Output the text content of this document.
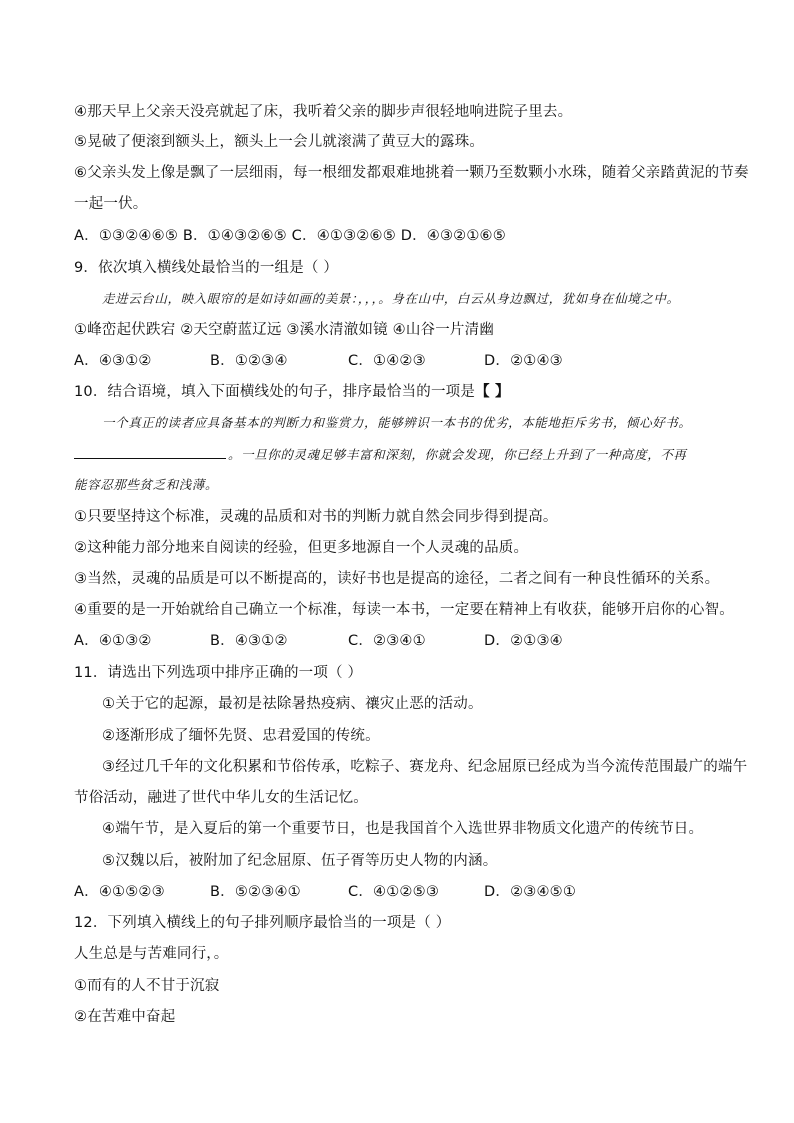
④那天早上父亲天没亮就起了床，我听着父亲的脚步声很轻地响进院子里去。
⑤晃破了便滚到额头上，额头上一会儿就滚满了黄豆大的露珠。
⑥父亲头发上像是飘了一层细雨，每一根细发都艰难地挑着一颗乃至数颗小水珠，随着父亲踏黄泥的节奏
一起一伏。
A．①③②④⑥⑤ B．①④③②⑥⑤ C．④①③②⑥⑤ D．④③②①⑥⑤
9．依次填入横线处最恰当的一组是（ ）
走进云台山，映入眼帘的是如诗如画的美景：，，，。身在山中，白云从身边飘过，犹如身在仙境之中。
①峰峦起伏跌宕 ②天空蔚蓝辽远 ③溪水清澈如镜 ④山谷一片清幽
A．④③①②	B．①②③④	C．①④②③	D．②①④③
10．结合语境，填入下面横线处的句子，排序最恰当的一项是【 】
一个真正的读者应具备基本的判断力和鉴赏力，能够辨识一本书的优劣，本能地拒斥劣书，倾心好书。
。一旦你的灵魂足够丰富和深刻，你就会发现，你已经上升到了一种高度，不再
能容忍那些贫乏和浅薄。
①只要坚持这个标准，灵魂的品质和对书的判断力就自然会同步得到提高。
②这种能力部分地来自阅读的经验，但更多地源自一个人灵魂的品质。
③当然，灵魂的品质是可以不断提高的，读好书也是提高的途径，二者之间有一种良性循环的关系。
④重要的是一开始就给自己确立一个标准，每读一本书，一定要在精神上有收获，能够开启你的心智。
A．④①③②	B．④③①②	C．②③④①	D．②①③④
11．请选出下列选项中排序正确的一项（ ）
①关于它的起源，最初是祛除暑热疫病、禳灾止恶的活动。
②逐渐形成了缅怀先贤、忠君爱国的传统。
③经过几千年的文化积累和节俗传承，吃粽子、赛龙舟、纪念屈原已经成为当今流传范围最广的端午
节俗活动，融进了世代中华儿女的生活记忆。
④端午节，是入夏后的第一个重要节日，也是我国首个入选世界非物质文化遗产的传统节日。
⑤汉魏以后，被附加了纪念屈原、伍子胥等历史人物的内涵。
A．④①⑤②③	B．⑤②③④①	C．④①②⑤③	D．②③④⑤①
12．下列填入横线上的句子排列顺序最恰当的一项是（ ）
人生总是与苦难同行，。
①而有的人不甘于沉寂
②在苦难中奋起
